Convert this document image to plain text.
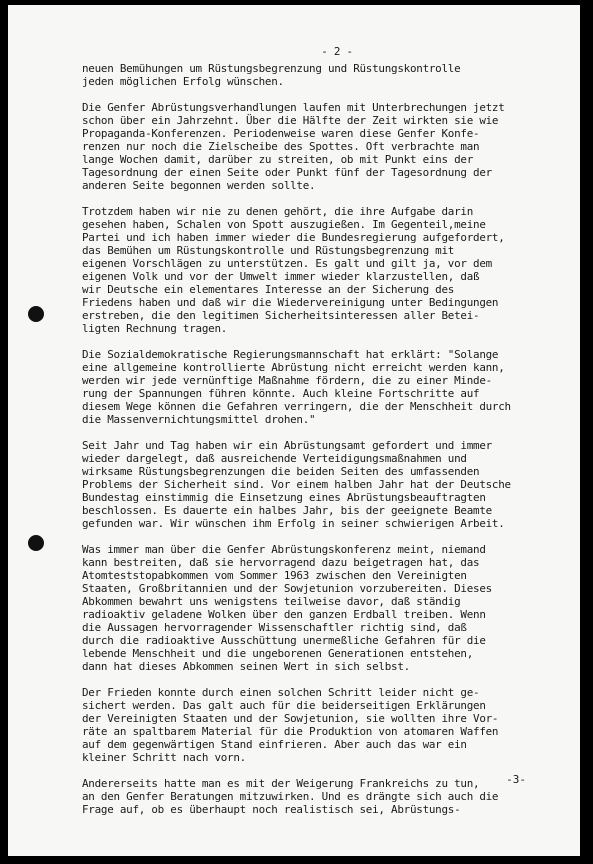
- 2 -
neuen Bemühungen um Rüstungsbegrenzung und Rüstungskontrolle
jeden möglichen Erfolg wünschen.
Die Genfer Abrüstungsverhandlungen laufen mit Unterbrechungen jetzt
schon über ein Jahrzehnt. Über die Hälfte der Zeit wirkten sie wie
Propaganda-Konferenzen. Periodenweise waren diese Genfer Konfe-
renzen nur noch die Zielscheibe des Spottes. Oft verbrachte man
lange Wochen damit, darüber zu streiten, ob mit Punkt eins der
Tagesordnung der einen Seite oder Punkt fünf der Tagesordnung der
anderen Seite begonnen werden sollte.
Trotzdem haben wir nie zu denen gehört, die ihre Aufgabe darin
gesehen haben, Schalen von Spott auszugießen. Im Gegenteil,meine
Partei und ich haben immer wieder die Bundesregierung aufgefordert,
das Bemühen um Rüstungskontrolle und Rüstungsbegrenzung mit
eigenen Vorschlägen zu unterstützen. Es galt und gilt ja, vor dem
eigenen Volk und vor der Umwelt immer wieder klarzustellen, daß
wir Deutsche ein elementares Interesse an der Sicherung des
Friedens haben und daß wir die Wiedervereinigung unter Bedingungen
erstreben, die den legitimen Sicherheitsinteressen aller Betei-
ligten Rechnung tragen.
Die Sozialdemokratische Regierungsmannschaft hat erklärt: "Solange
eine allgemeine kontrollierte Abrüstung nicht erreicht werden kann,
werden wir jede vernünftige Maßnahme fördern, die zu einer Minde-
rung der Spannungen führen könnte. Auch kleine Fortschritte auf
diesem Wege können die Gefahren verringern, die der Menschheit durch
die Massenvernichtungsmittel drohen."
Seit Jahr und Tag haben wir ein Abrüstungsamt gefordert und immer
wieder dargelegt, daß ausreichende Verteidigungsmaßnahmen und
wirksame Rüstungsbegrenzungen die beiden Seiten des umfassenden
Problems der Sicherheit sind. Vor einem halben Jahr hat der Deutsche
Bundestag einstimmig die Einsetzung eines Abrüstungsbeauftragten
beschlossen. Es dauerte ein halbes Jahr, bis der geeignete Beamte
gefunden war. Wir wünschen ihm Erfolg in seiner schwierigen Arbeit.
Was immer man über die Genfer Abrüstungskonferenz meint, niemand
kann bestreiten, daß sie hervorragend dazu beigetragen hat, das
Atomteststopabkommen vom Sommer 1963 zwischen den Vereinigten
Staaten, Großbritannien und der Sowjetunion vorzubereiten. Dieses
Abkommen bewahrt uns wenigstens teilweise davor, daß ständig
radioaktiv geladene Wolken über den ganzen Erdball treiben. Wenn
die Aussagen hervorragender Wissenschaftler richtig sind, daß
durch die radioaktive Ausschüttung unermeßliche Gefahren für die
lebende Menschheit und die ungeborenen Generationen entstehen,
dann hat dieses Abkommen seinen Wert in sich selbst.
Der Frieden konnte durch einen solchen Schritt leider nicht ge-
sichert werden. Das galt auch für die beiderseitigen Erklärungen
der Vereinigten Staaten und der Sowjetunion, sie wollten ihre Vor-
räte an spaltbarem Material für die Produktion von atomaren Waffen
auf dem gegenwärtigen Stand einfrieren. Aber auch das war ein
kleiner Schritt nach vorn.
Andererseits hatte man es mit der Weigerung Frankreichs zu tun,
an den Genfer Beratungen mitzuwirken. Und es drängte sich auch die
Frage auf, ob es überhaupt noch realistisch sei, Abrüstungs-
-3-
